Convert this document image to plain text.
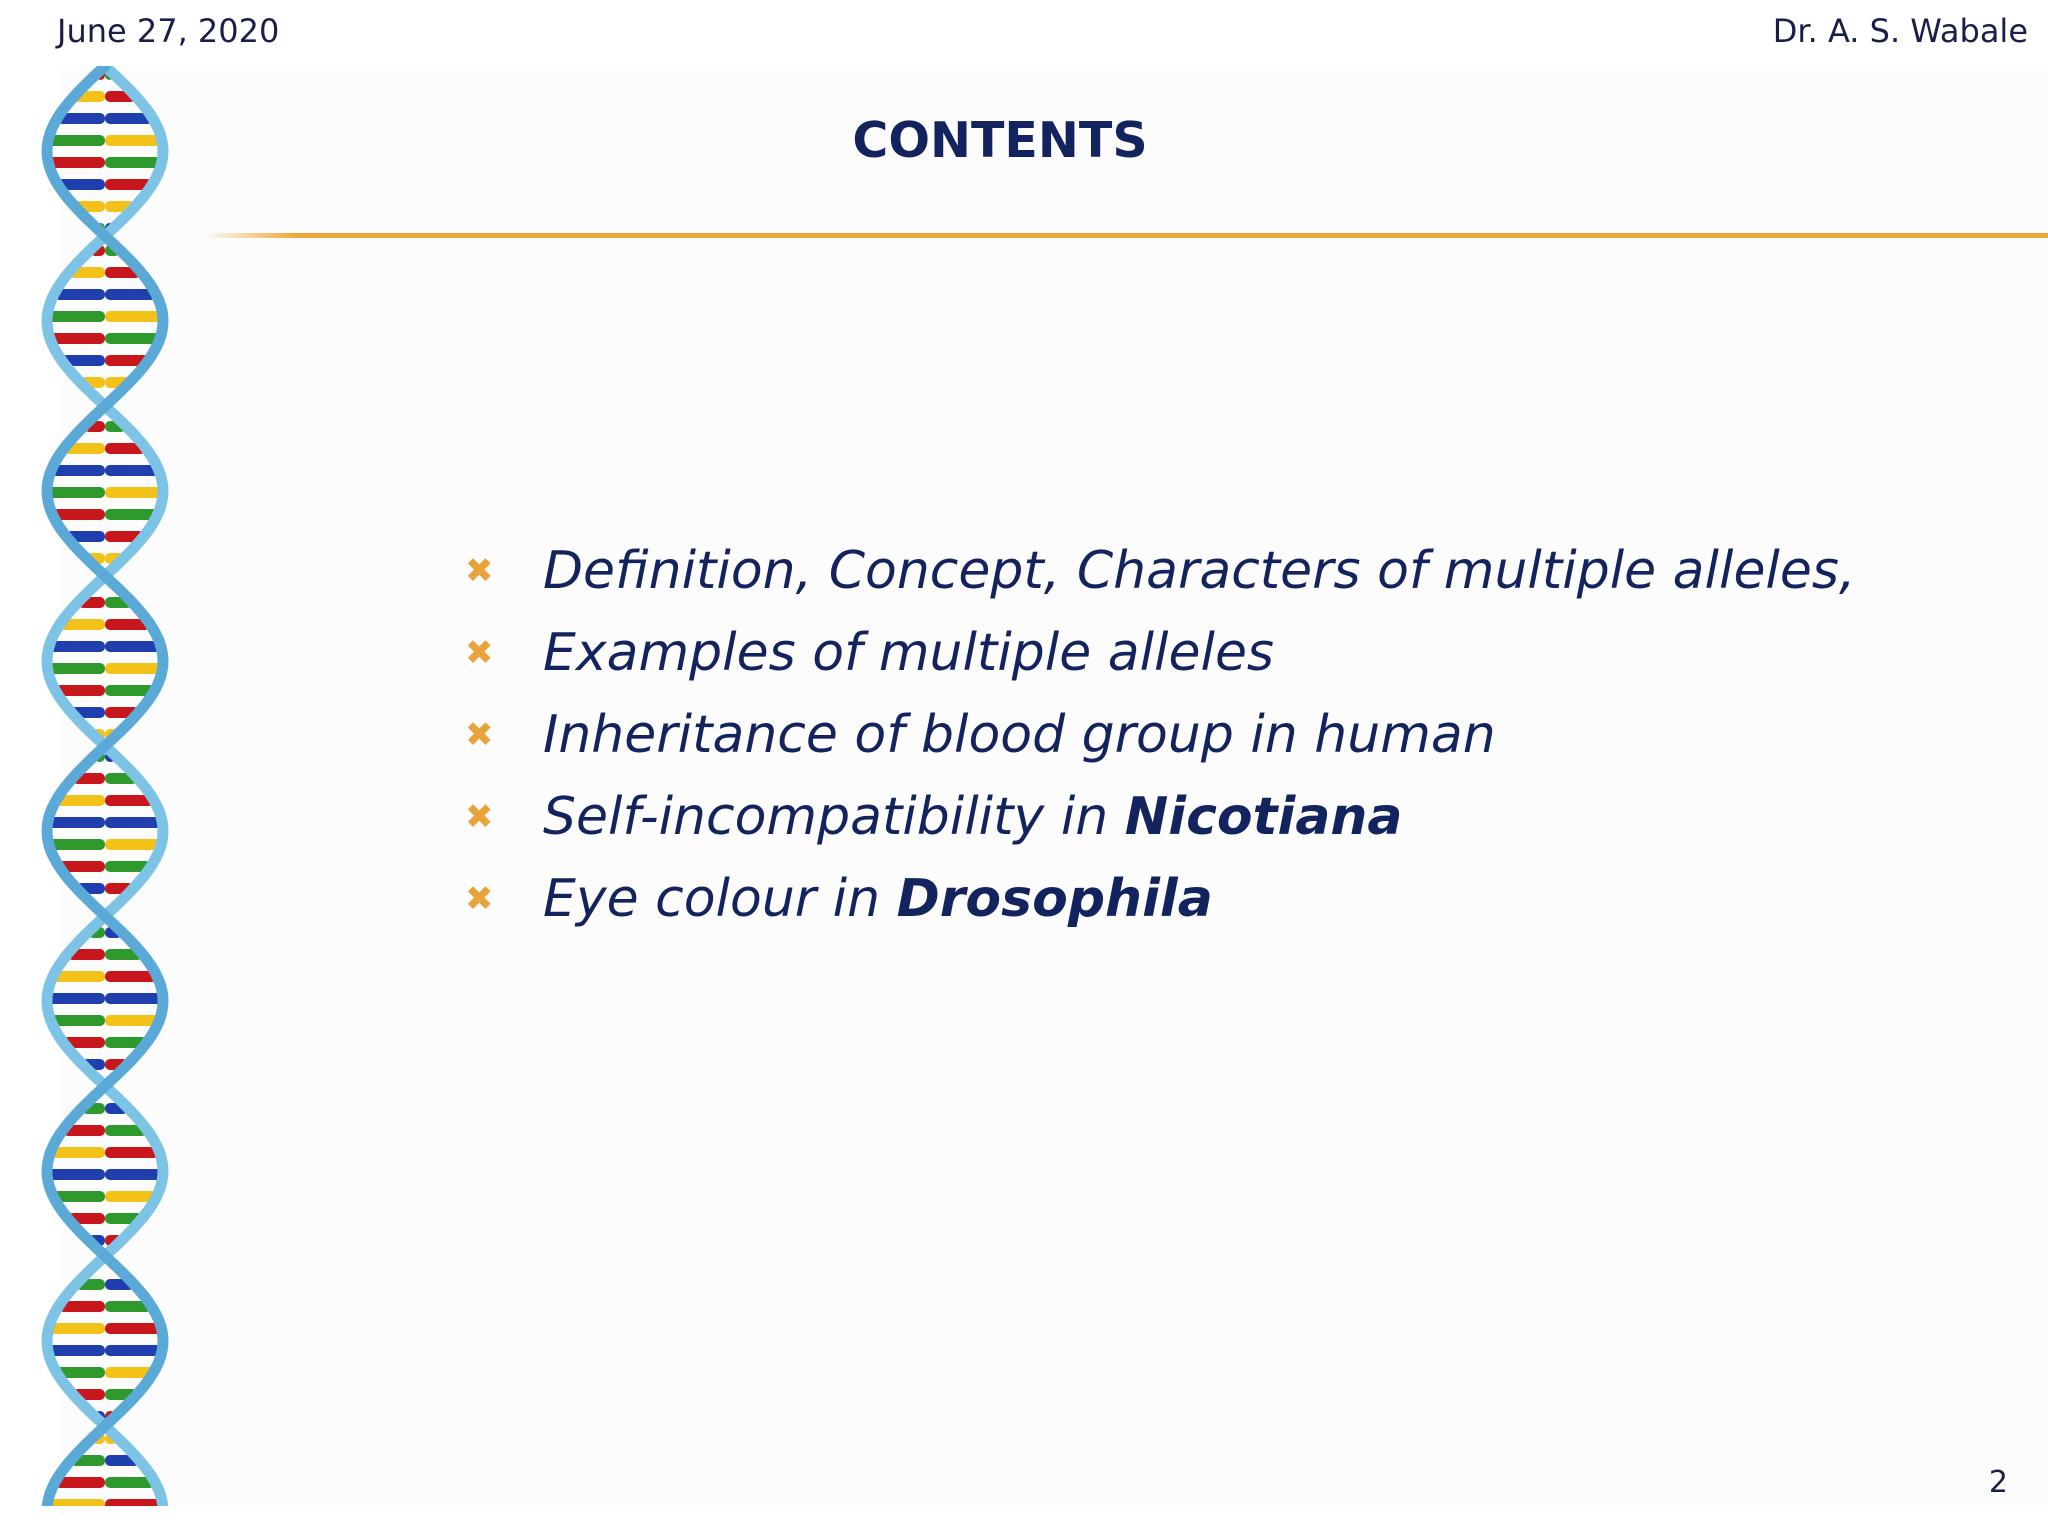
June 27, 2020	Dr. A. S. Wabale
CONTENTS
✖ Definition, Concept, Characters of multiple alleles,
✖ Examples of multiple alleles
✖ Inheritance of blood group in human
✖ Self-incompatibility in Nicotiana
✖ Eye colour in Drosophila
2
